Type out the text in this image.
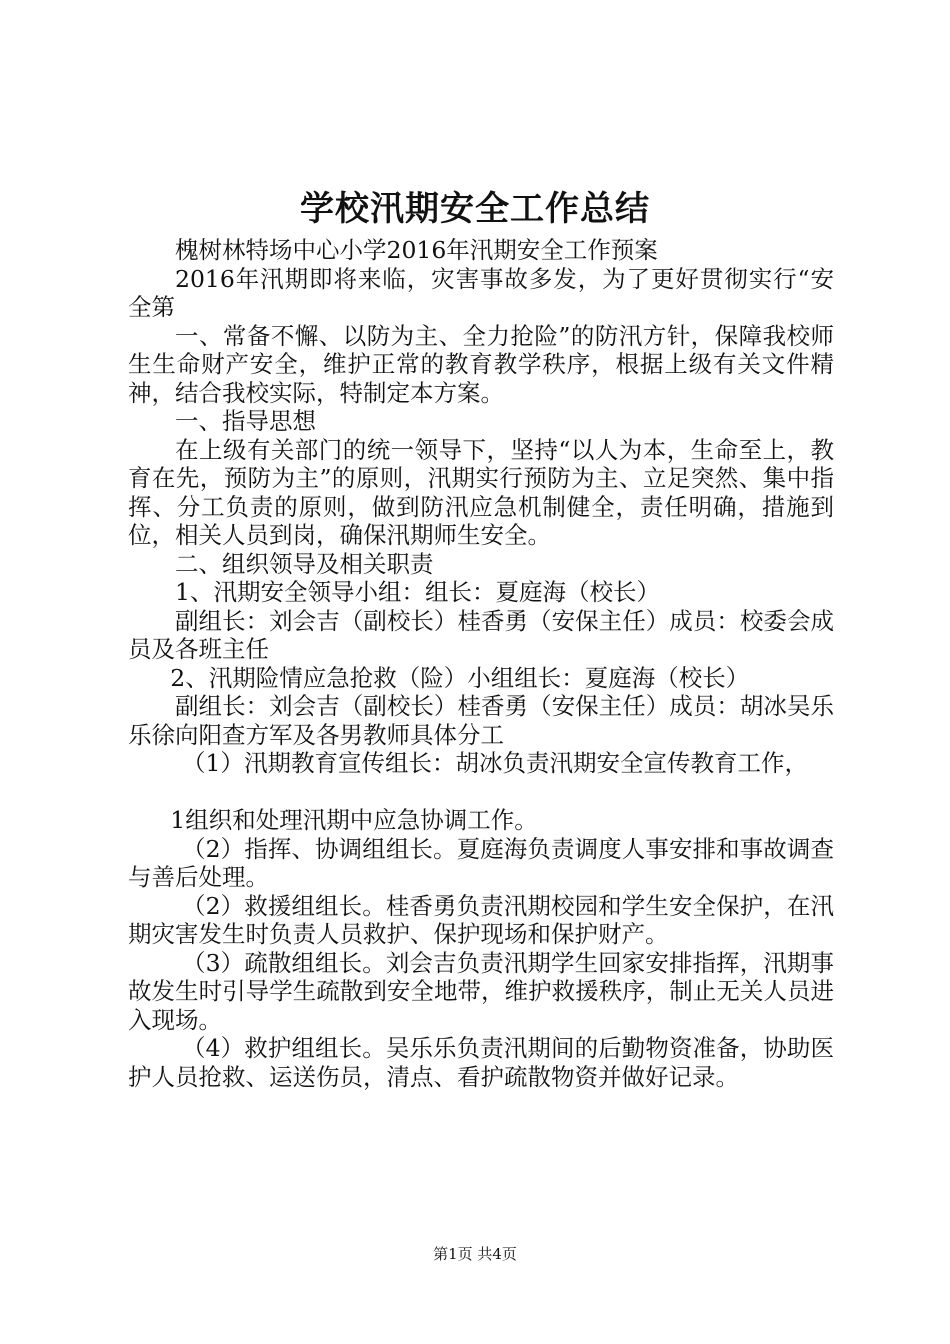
学校汛期安全工作总结

槐树林特场中心小学2016年汛期安全工作预案

2016年汛期即将来临，灾害事故多发，为了更好贯彻实行“安全第

一、常备不懈、以防为主、全力抢险”的防汛方针，保障我校师生生命财产安全，维护正常的教育教学秩序，根据上级有关文件精神，结合我校实际，特制定本方案。

一、指导思想

在上级有关部门的统一领导下，坚持“以人为本，生命至上，教育在先，预防为主”的原则，汛期实行预防为主、立足突然、集中指挥、分工负责的原则，做到防汛应急机制健全，责任明确，措施到位，相关人员到岗，确保汛期师生安全。

二、组织领导及相关职责

1、汛期安全领导小组：组长：夏庭海（校长）

副组长：刘会吉（副校长）桂香勇（安保主任）成员：校委会成员及各班主任

2、汛期险情应急抢救（险）小组组长：夏庭海（校长）

副组长：刘会吉（副校长）桂香勇（安保主任）成员：胡冰吴乐乐徐向阳查方军及各男教师具体分工

（1）汛期教育宣传组长：胡冰负责汛期安全宣传教育工作，

1组织和处理汛期中应急协调工作。

（2）指挥、协调组组长。夏庭海负责调度人事安排和事故调查与善后处理。

（2）救援组组长。桂香勇负责汛期校园和学生安全保护，在汛期灾害发生时负责人员救护、保护现场和保护财产。

（3）疏散组组长。刘会吉负责汛期学生回家安排指挥，汛期事故发生时引导学生疏散到安全地带，维护救援秩序，制止无关人员进入现场。

（4）救护组组长。吴乐乐负责汛期间的后勤物资准备，协助医护人员抢救、运送伤员，清点、看护疏散物资并做好记录。

第1页 共4页
